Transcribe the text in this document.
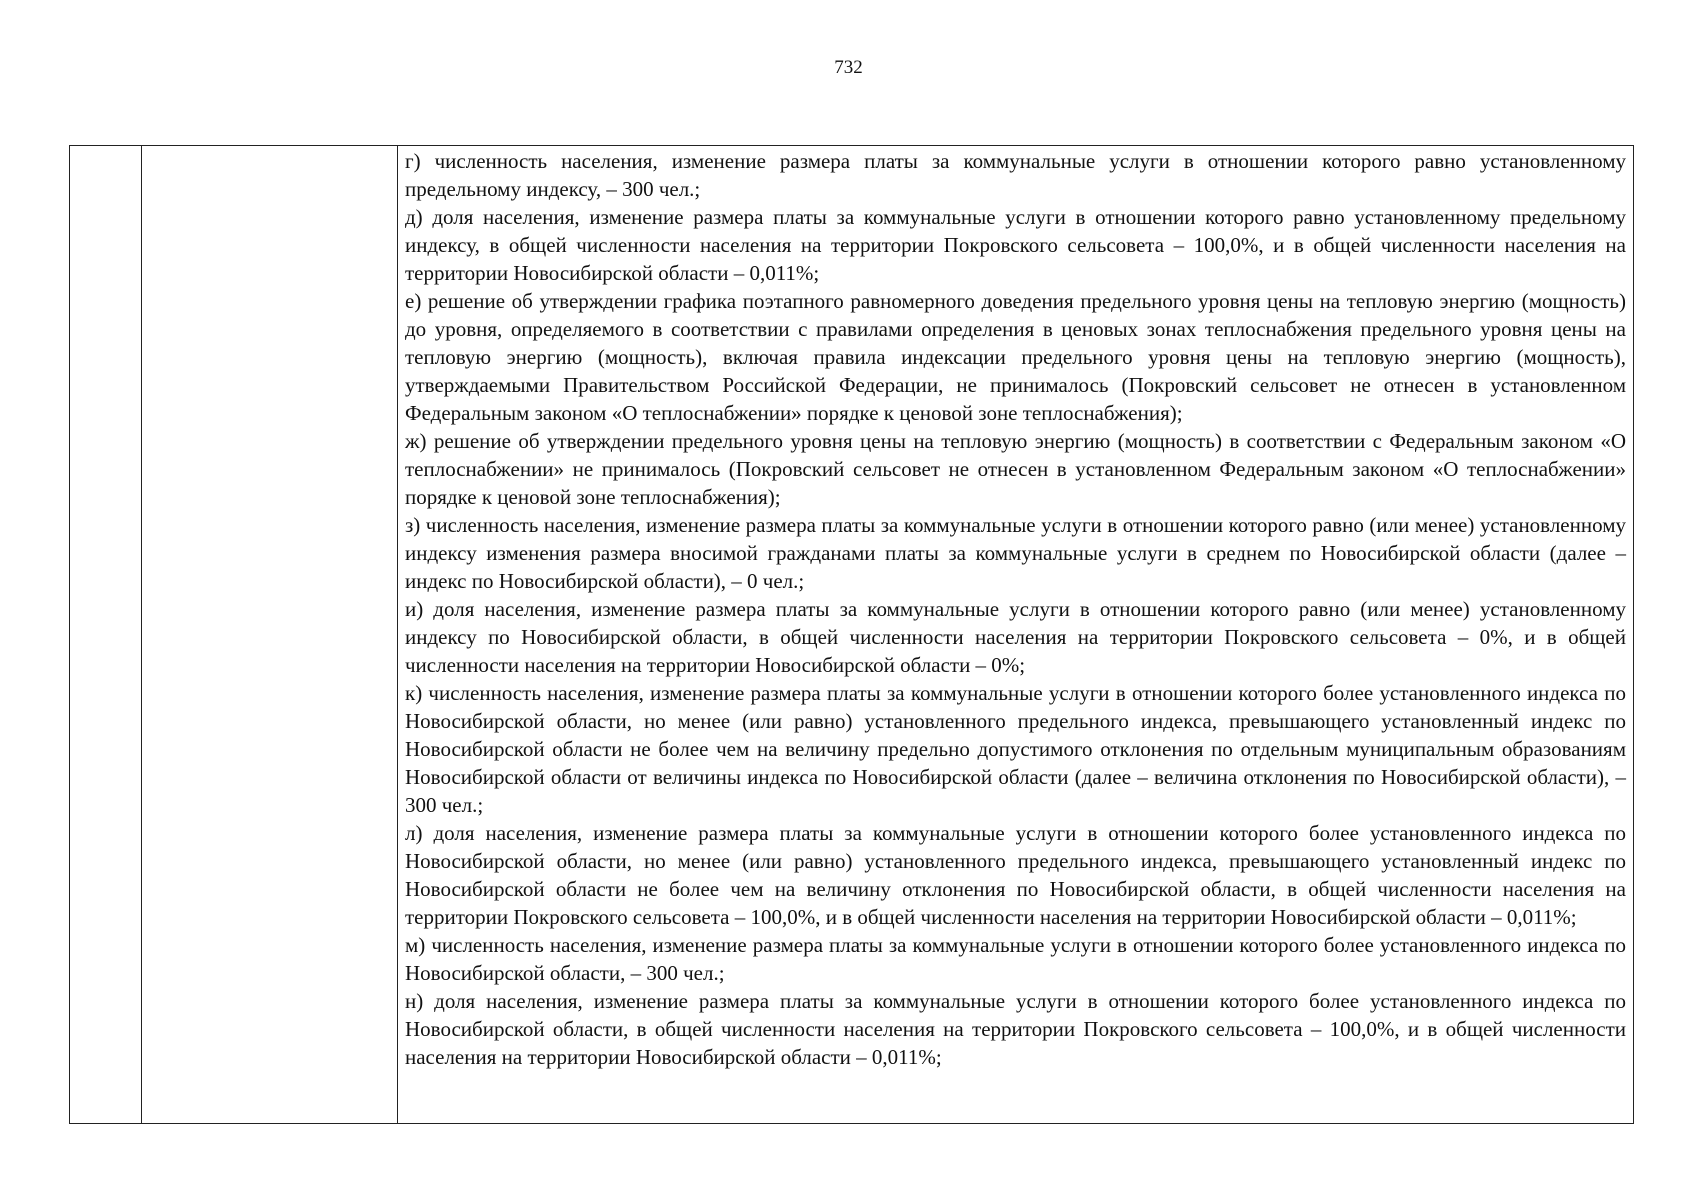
732

г) численность населения, изменение размера платы за коммунальные услуги в отношении которого равно установленному предельному индексу, – 300 чел.;

д) доля населения, изменение размера платы за коммунальные услуги в отношении которого равно установленному предельному индексу, в общей численности населения на территории Покровского сельсовета – 100,0%, и в общей численности населения на территории Новосибирской области – 0,011%;

е) решение об утверждении графика поэтапного равномерного доведения предельного уровня цены на тепловую энергию (мощность) до уровня, определяемого в соответствии с правилами определения в ценовых зонах теплоснабжения предельного уровня цены на тепловую энергию (мощность), включая правила индексации предельного уровня цены на тепловую энергию (мощность), утверждаемыми Правительством Российской Федерации, не принималось (Покровский сельсовет не отнесен в установленном Федеральным законом «О теплоснабжении» порядке к ценовой зоне теплоснабжения);

ж) решение об утверждении предельного уровня цены на тепловую энергию (мощность) в соответствии с Федеральным законом «О теплоснабжении» не принималось (Покровский сельсовет не отнесен в установленном Федеральным законом «О теплоснабжении» порядке к ценовой зоне теплоснабжения);

з) численность населения, изменение размера платы за коммунальные услуги в отношении которого равно (или менее) установленному индексу изменения размера вносимой гражданами платы за коммунальные услуги в среднем по Новосибирской области (далее – индекс по Новосибирской области), – 0 чел.;

и) доля населения, изменение размера платы за коммунальные услуги в отношении которого равно (или менее) установленному индексу по Новосибирской области, в общей численности населения на территории Покровского сельсовета – 0%, и в общей численности населения на территории Новосибирской области – 0%;

к) численность населения, изменение размера платы за коммунальные услуги в отношении которого более установленного индекса по Новосибирской области, но менее (или равно) установленного предельного индекса, превышающего установленный индекс по Новосибирской области не более чем на величину предельно допустимого отклонения по отдельным муниципальным образованиям Новосибирской области от величины индекса по Новосибирской области (далее – величина отклонения по Новосибирской области), – 300 чел.;

л) доля населения, изменение размера платы за коммунальные услуги в отношении которого более установленного индекса по Новосибирской области, но менее (или равно) установленного предельного индекса, превышающего установленный индекс по Новосибирской области не более чем на величину отклонения по Новосибирской области, в общей численности населения на территории Покровского сельсовета – 100,0%, и в общей численности населения на территории Новосибирской области – 0,011%;

м) численность населения, изменение размера платы за коммунальные услуги в отношении которого более установленного индекса по Новосибирской области, – 300 чел.;

н) доля населения, изменение размера платы за коммунальные услуги в отношении которого более установленного индекса по Новосибирской области, в общей численности населения на территории Покровского сельсовета – 100,0%, и в общей численности населения на территории Новосибирской области – 0,011%;
